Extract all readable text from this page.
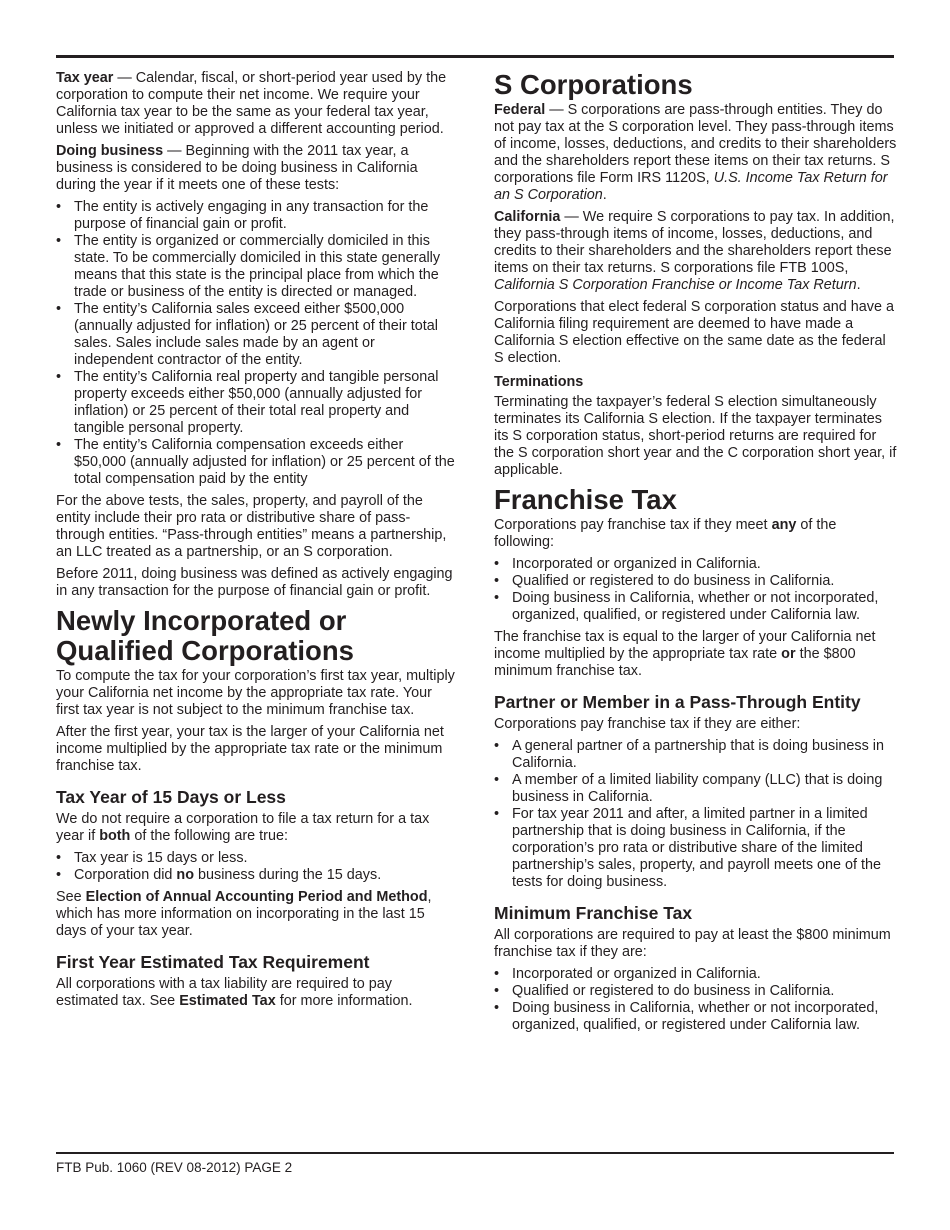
Tax year — Calendar, fiscal, or short-period year used by the corporation to compute their net income. We require your California tax year to be the same as your federal tax year, unless we initiated or approved a different accounting period.

Doing business — Beginning with the 2011 tax year, a business is considered to be doing business in California during the year if it meets one of these tests:

• The entity is actively engaging in any transaction for the purpose of financial gain or profit.
• The entity is organized or commercially domiciled in this state. To be commercially domiciled in this state generally means that this state is the principal place from which the trade or business of the entity is directed or managed.
• The entity’s California sales exceed either $500,000 (annually adjusted for inflation) or 25 percent of their total sales. Sales include sales made by an agent or independent contractor of the entity.
• The entity’s California real property and tangible personal property exceeds either $50,000 (annually adjusted for inflation) or 25 percent of their total real property and tangible personal property.
• The entity’s California compensation exceeds either $50,000 (annually adjusted for inflation) or 25 percent of the total compensation paid by the entity

For the above tests, the sales, property, and payroll of the entity include their pro rata or distributive share of pass-through entities. “Pass-through entities” means a partnership, an LLC treated as a partnership, or an S corporation.

Before 2011, doing business was defined as actively engaging in any transaction for the purpose of financial gain or profit.

Newly Incorporated or
Qualified Corporations

To compute the tax for your corporation’s first tax year, multiply your California net income by the appropriate tax rate. Your first tax year is not subject to the minimum franchise tax.

After the first year, your tax is the larger of your California net income multiplied by the appropriate tax rate or the minimum franchise tax.

Tax Year of 15 Days or Less

We do not require a corporation to file a tax return for a tax year if both of the following are true:

• Tax year is 15 days or less.
• Corporation did no business during the 15 days.

See Election of Annual Accounting Period and Method, which has more information on incorporating in the last 15 days of your tax year.

First Year Estimated Tax Requirement

All corporations with a tax liability are required to pay estimated tax. See Estimated Tax for more information.

S Corporations

Federal — S corporations are pass-through entities. They do not pay tax at the S corporation level. They pass-through items of income, losses, deductions, and credits to their shareholders and the shareholders report these items on their tax returns. S corporations file Form IRS 1120S, U.S. Income Tax Return for an S Corporation.

California — We require S corporations to pay tax. In addition, they pass-through items of income, losses, deductions, and credits to their shareholders and the shareholders report these items on their tax returns. S corporations file FTB 100S, California S Corporation Franchise or Income Tax Return.

Corporations that elect federal S corporation status and have a California filing requirement are deemed to have made a California S election effective on the same date as the federal S election.

Terminations

Terminating the taxpayer’s federal S election simultaneously terminates its California S election. If the taxpayer terminates its S corporation status, short-period returns are required for the S corporation short year and the C corporation short year, if applicable.

Franchise Tax

Corporations pay franchise tax if they meet any of the following:

• Incorporated or organized in California.
• Qualified or registered to do business in California.
• Doing business in California, whether or not incorporated, organized, qualified, or registered under California law.

The franchise tax is equal to the larger of your California net income multiplied by the appropriate tax rate or the $800 minimum franchise tax.

Partner or Member in a Pass-Through Entity

Corporations pay franchise tax if they are either:

• A general partner of a partnership that is doing business in California.
• A member of a limited liability company (LLC) that is doing business in California.
• For tax year 2011 and after, a limited partner in a limited partnership that is doing business in California, if the corporation’s pro rata or distributive share of the limited partnership’s sales, property, and payroll meets one of the tests for doing business.
Minimum Franchise Tax

All corporations are required to pay at least the $800 minimum franchise tax if they are:

• Incorporated or organized in California.
• Qualified or registered to do business in California.
• Doing business in California, whether or not incorporated, organized, qualified, or registered under California law.
FTB Pub. 1060 (REV 08-2012) PAGE 2
